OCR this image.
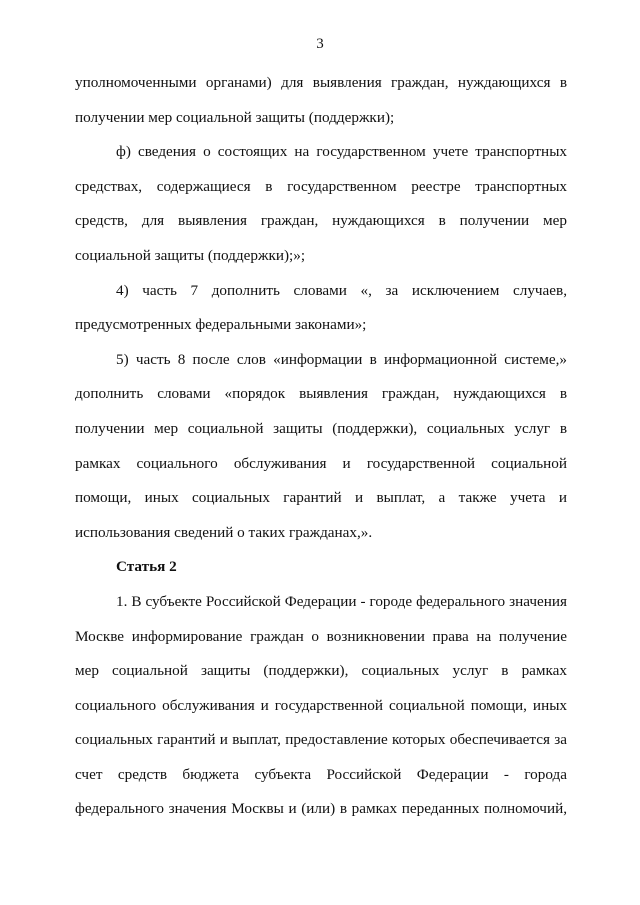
3
уполномоченными органами) для выявления граждан, нуждающихся в
получении мер социальной защиты (поддержки);
ф) сведения о состоящих на государственном учете транспортных
средствах, содержащиеся в государственном реестре транспортных
средств, для выявления граждан, нуждающихся в получении мер
социальной защиты (поддержки);»;
4) часть 7 дополнить словами «, за исключением случаев,
предусмотренных федеральными законами»;
5) часть 8 после слов «информации в информационной системе,»
дополнить словами «порядок выявления граждан, нуждающихся в
получении мер социальной защиты (поддержки), социальных услуг в
рамках социального обслуживания и государственной социальной
помощи, иных социальных гарантий и выплат, а также учета и
использования сведений о таких гражданах,».
Статья 2
1. В субъекте Российской Федерации - городе федерального значения
Москве информирование граждан о возникновении права на получение
мер социальной защиты (поддержки), социальных услуг в рамках
социального обслуживания и государственной социальной помощи, иных
социальных гарантий и выплат, предоставление которых обеспечивается за
счет средств бюджета субъекта Российской Федерации - города
федерального значения Москвы и (или) в рамках переданных полномочий,
